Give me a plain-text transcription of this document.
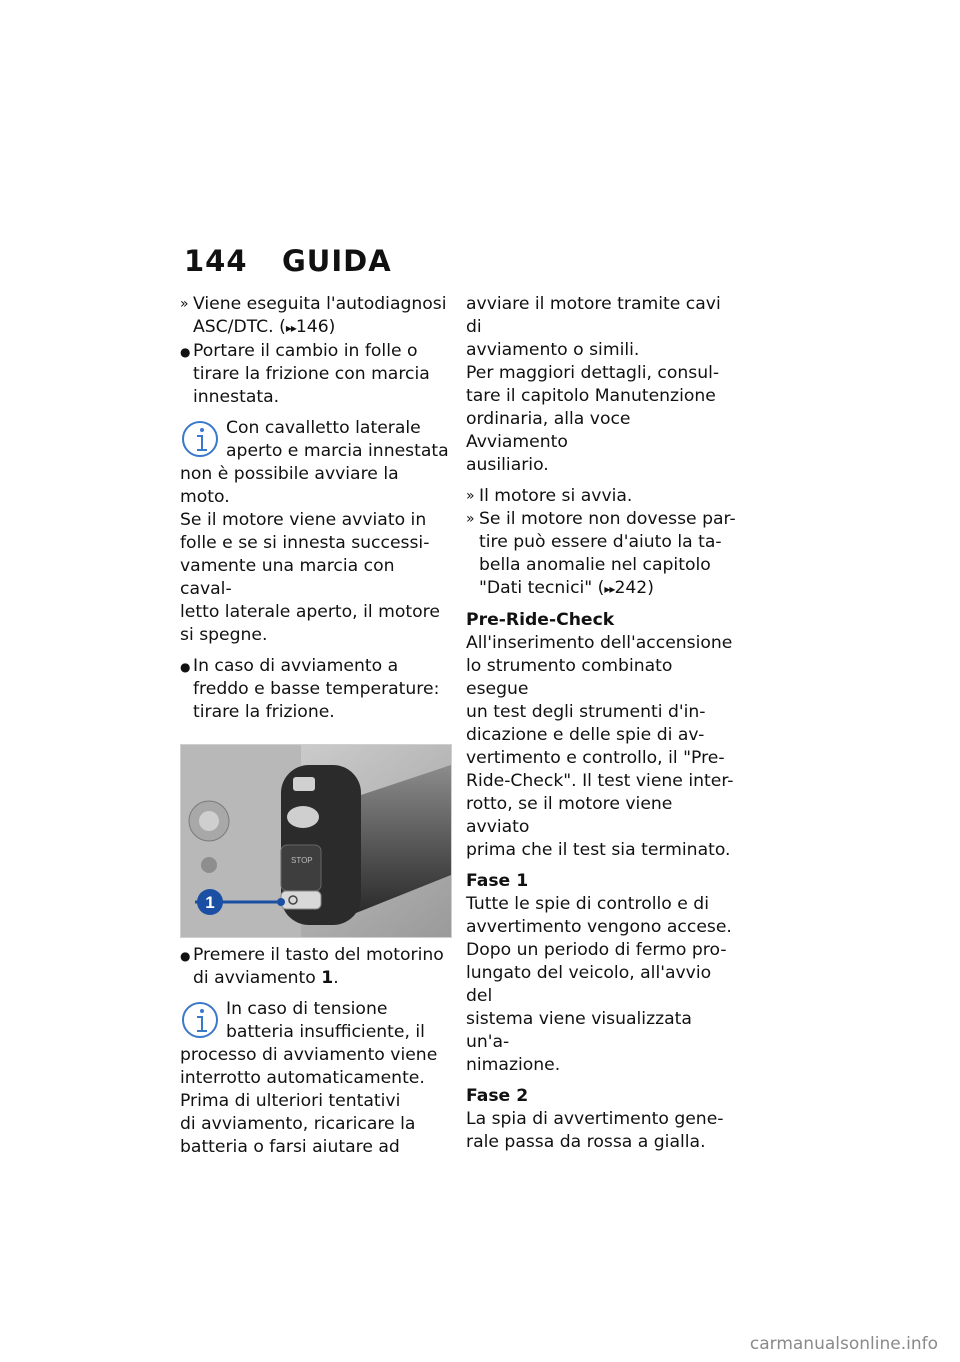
144 GUIDA
» Viene eseguita l'autodiagnosi
ASC/DTC. (▸▸146)
● Portare il cambio in folle o
tirare la frizione con marcia
innestata.
Con cavalletto laterale
aperto e marcia innestata
non è possibile avviare la moto.
Se il motore viene avviato in
folle e se si innesta successi-
vamente una marcia con caval-
letto laterale aperto, il motore
si spegne.
● In caso di avviamento a
freddo e basse temperature:
tirare la frizione.
1
STOP
● Premere il tasto del motorino
di avviamento 1.
In caso di tensione
batteria insufficiente, il
processo di avviamento viene
interrotto automaticamente.
Prima di ulteriori tentativi
di avviamento, ricaricare la
batteria o farsi aiutare ad
avviare il motore tramite cavi di
avviamento o simili.
Per maggiori dettagli, consul-
tare il capitolo Manutenzione
ordinaria, alla voce Avviamento
ausiliario.
» Il motore si avvia.
» Se il motore non dovesse par-
tire può essere d'aiuto la ta-
bella anomalie nel capitolo
"Dati tecnici" (▸▸242)
Pre-Ride-Check
All'inserimento dell'accensione
lo strumento combinato esegue
un test degli strumenti d'in-
dicazione e delle spie di av-
vertimento e controllo, il "Pre-
Ride-Check". Il test viene inter-
rotto, se il motore viene avviato
prima che il test sia terminato.
Fase 1
Tutte le spie di controllo e di
avvertimento vengono accese.
Dopo un periodo di fermo pro-
lungato del veicolo, all'avvio del
sistema viene visualizzata un'a-
nimazione.
Fase 2
La spia di avvertimento gene-
rale passa da rossa a gialla.
carmanualsonline.info
